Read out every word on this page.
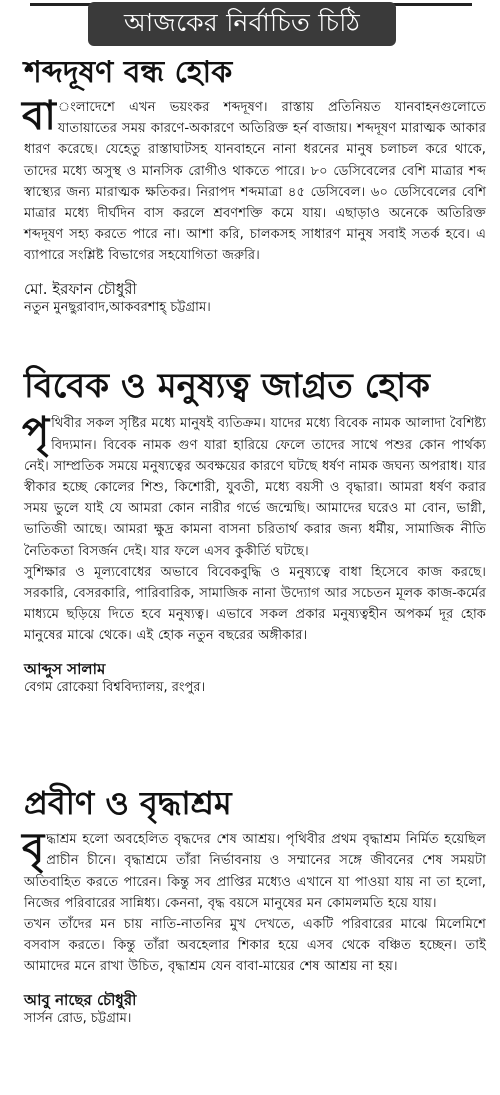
আজকের নির্বাচিত চিঠি
শব্দদূষণ বন্ধ হোক

বা ংলাদেশে এখন ভয়ংকর শব্দদূষণ। রাস্তায় প্রতিনিয়ত যানবাহনগুলোতে যাতায়াতের সময় কারণে-অকারণে অতিরিক্ত হর্ন বাজায়। শব্দদূষণ মারাত্মক আকার ধারণ করেছে। যেহেতু রাস্তাঘাটসহ যানবাহনে নানা ধরনের মানুষ চলাচল করে থাকে, তাদের মধ্যে অসুস্থ ও মানসিক রোগীও থাকতে পারে। ৮০ ডেসিবেলের বেশি মাত্রার শব্দ স্বাস্থ্যের জন্য মারাত্মক ক্ষতিকর। নিরাপদ শব্দমাত্রা ৪৫ ডেসিবেল। ৬০ ডেসিবেলের বেশি মাত্রার মধ্যে দীর্ঘদিন বাস করলে শ্রবণশক্তি কমে যায়। এছাড়াও অনেকে অতিরিক্ত শব্দদূষণ সহ্য করতে পারে না। আশা করি, চালকসহ সাধারণ মানুষ সবাই সতর্ক হবে। এ ব্যাপারে সংশ্লিষ্ট বিভাগের সহযোগিতা জরুরি।

মো. ইরফান চৌধুরী
নতুন মুনছুরাবাদ,আকবরশাহ্ চট্টগ্রাম।
বিবেক ও মনুষ্যত্ব জাগ্রত হোক

পৃথিবীর সকল সৃষ্টির মধ্যে মানুষই ব্যতিক্রম। যাদের মধ্যে বিবেক নামক আলাদা বৈশিষ্ট্য বিদ্যমান। বিবেক নামক গুণ যারা হারিয়ে ফেলে তাদের সাথে পশুর কোন পার্থক্য নেই। সাম্প্রতিক সময়ে মনুষ্যত্বের অবক্ষয়ের কারণে ঘটছে ধর্ষণ নামক জঘন্য অপরাধ। যার স্বীকার হচ্ছে কোলের শিশু, কিশোরী, যুবতী, মধ্যে বয়সী ও বৃদ্ধারা। আমরা ধর্ষণ করার সময় ভুলে যাই যে আমরা কোন নারীর গর্ভে জন্মেছি। আমাদের ঘরেও মা বোন, ভাগ্নী, ভাতিজী আছে। আমরা ক্ষুদ্র কামনা বাসনা চরিতার্থ করার জন্য ধর্মীয়, সামাজিক নীতি নৈতিকতা বিসর্জন দেই। যার ফলে এসব কুকীর্তি ঘটছে।

সুশিক্ষার ও মূল্যবোধের অভাবে বিবেকবুদ্ধি ও মনুষ্যত্বে বাধা হিসেবে কাজ করছে। সরকারি, বেসরকারি, পারিবারিক, সামাজিক নানা উদ্যোগ আর সচেতন মূলক কাজ-কর্মের মাধ্যমে ছড়িয়ে দিতে হবে মনুষ্যত্ব। এভাবে সকল প্রকার মনুষ্যত্বহীন অপকর্ম দূর হোক মানুষের মাঝে থেকে। এই হোক নতুন বছরের অঙ্গীকার।

আব্দুস সালাম
বেগম রোকেয়া বিশ্ববিদ্যালয়, রংপুর।
প্রবীণ ও বৃদ্ধাশ্রম

বৃদ্ধাশ্রম হলো অবহেলিত বৃদ্ধদের শেষ আশ্রয়। পৃথিবীর প্রথম বৃদ্ধাশ্রম নির্মিত হয়েছিল প্রাচীন চীনে। বৃদ্ধাশ্রমে তাঁরা নির্ভাবনায় ও সম্মানের সঙ্গে জীবনের শেষ সময়টা অতিবাহিত করতে পারেন। কিন্তু সব প্রাপ্তির মধ্যেও এখানে যা পাওয়া যায় না তা হলো, নিজের পরিবারের সান্নিধ্য। কেননা, বৃদ্ধ বয়সে মানুষের মন কোমলমতি হয়ে যায়।

তখন তাঁদের মন চায় নাতি-নাতনির মুখ দেখতে, একটি পরিবারের মাঝে মিলেমিশে বসবাস করতে। কিন্তু তাঁরা অবহেলার শিকার হয়ে এসব থেকে বঞ্চিত হচ্ছেন। তাই আমাদের মনে রাখা উচিত, বৃদ্ধাশ্রম যেন বাবা-মায়ের শেষ আশ্রয় না হয়।

আবু নাছের চৌধুরী
সার্সন রোড, চট্টগ্রাম।
